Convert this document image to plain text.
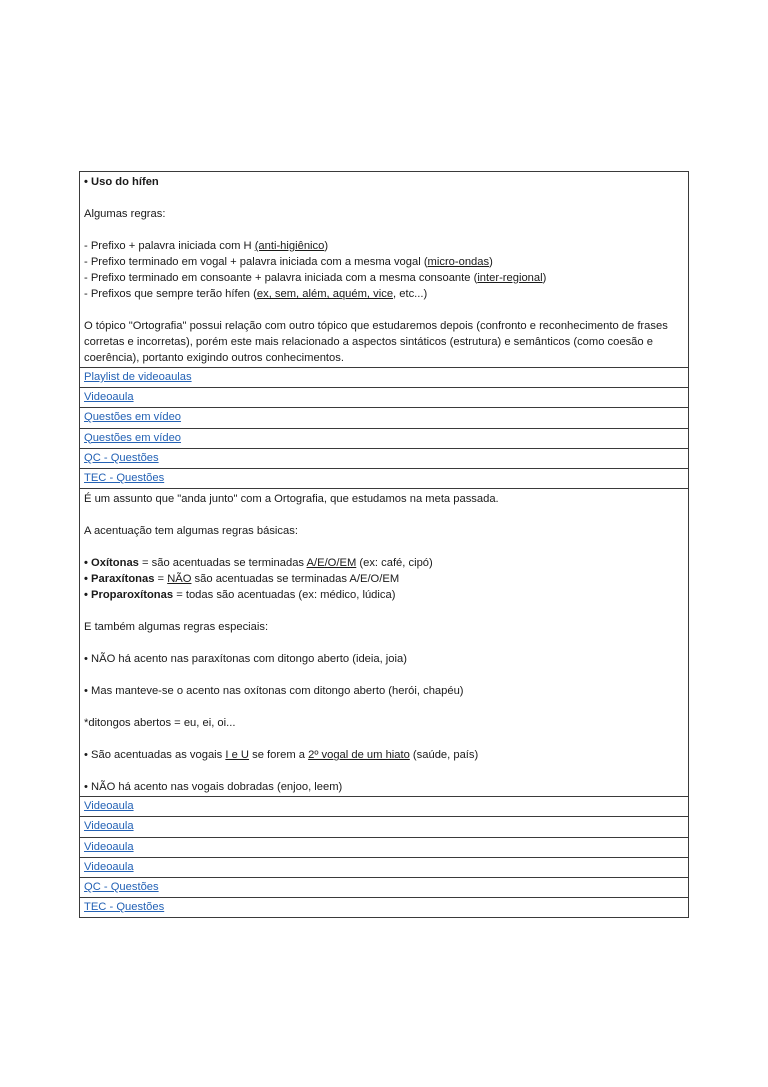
• Uso do hífen

Algumas regras:

- Prefixo + palavra iniciada com H (anti-higiênico)

- Prefixo terminado em vogal + palavra iniciada com a mesma vogal (micro-ondas)

- Prefixo terminado em consoante + palavra iniciada com a mesma consoante (inter-regional)

- Prefixos que sempre terão hífen (ex, sem, além, aquém, vice, etc...)

O tópico "Ortografia" possui relação com outro tópico que estudaremos depois (confronto e reconhecimento de frases corretas e incorretas), porém este mais relacionado a aspectos sintáticos (estrutura) e semânticos (como coesão e coerência), portanto exigindo outros conhecimentos.

Playlist de videoaulas
Videoaula
Questões em vídeo
Questões em vídeo
QC - Questões
TEC - Questões

É um assunto que "anda junto" com a Ortografia, que estudamos na meta passada.

A acentuação tem algumas regras básicas:

• Oxítonas = são acentuadas se terminadas A/E/O/EM (ex: café, cipó)

• Paraxítonas = NÃO são acentuadas se terminadas A/E/O/EM

• Proparoxítonas = todas são acentuadas (ex: médico, lúdica)

E também algumas regras especiais:

• NÃO há acento nas paraxítonas com ditongo aberto (ideia, joia)

• Mas manteve-se o acento nas oxítonas com ditongo aberto (herói, chapéu)

*ditongos abertos = eu, ei, oi...

• São acentuadas as vogais I e U se forem a 2º vogal de um hiato (saúde, país)

• NÃO há acento nas vogais dobradas (enjoo, leem)

Videoaula
Videoaula
Videoaula
Videoaula
QC - Questões
TEC - Questões
